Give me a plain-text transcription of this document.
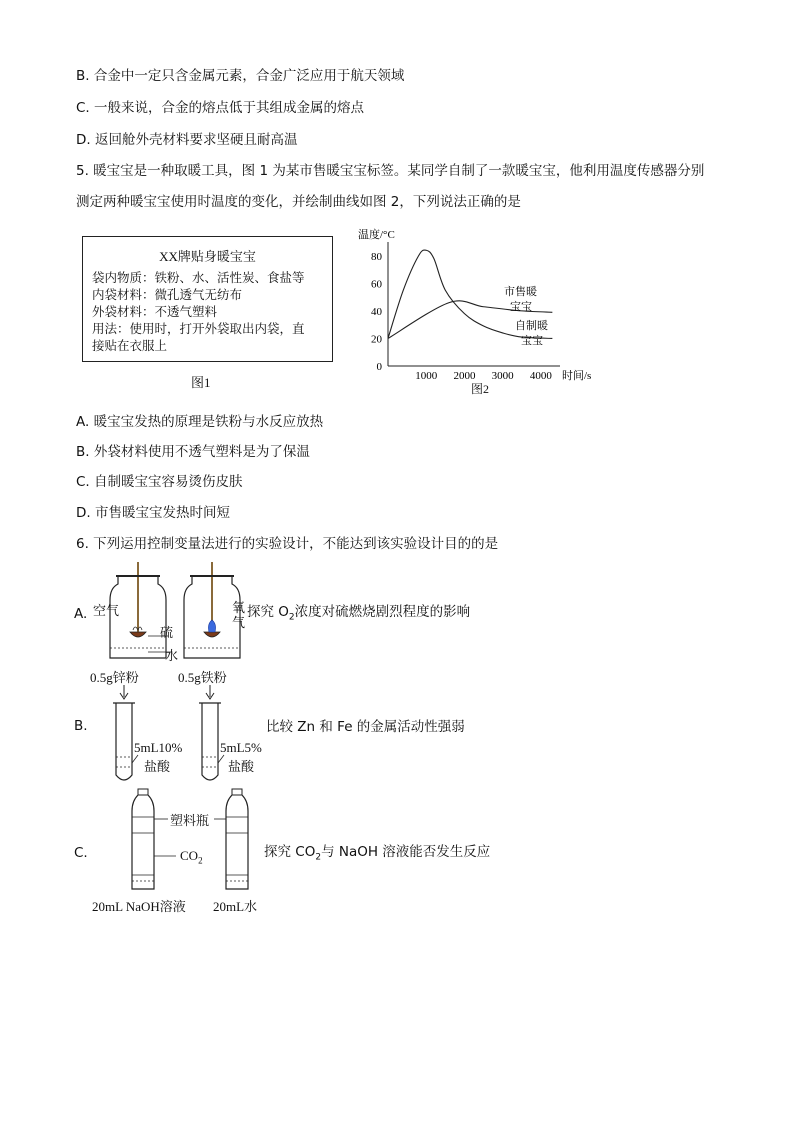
B. 合金中一定只含金属元素，合金广泛应用于航天领域
C. 一般来说，合金的熔点低于其组成金属的熔点
D. 返回舱外壳材料要求坚硬且耐高温
5. 暖宝宝是一种取暖工具，图 1 为某市售暖宝宝标签。某同学自制了一款暖宝宝，他利用温度传感器分别
测定两种暖宝宝使用时温度的变化，并绘制曲线如图 2，下列说法正确的是
XX牌贴身暖宝宝
袋内物质：铁粉、水、活性炭、食盐等
内袋材料：微孔透气无纺布
外袋材料：不透气塑料
用法：使用时，打开外袋取出内袋，直
接贴在衣服上
图1
温度/°C
时间/s
0
20
40
60
80
1000 2000 3000 4000
市售暖
宝宝
自制暖
宝宝
图2
A. 暖宝宝发热的原理是铁粉与水反应放热
B. 外袋材料使用不透气塑料是为了保温
C. 自制暖宝宝容易烫伤皮肤
D. 市售暖宝宝发热时间短
6. 下列运用控制变量法进行的实验设计，不能达到该实验设计目的的是
A. 空气
硫
水
氧气
探究 $O_2$浓度对硫燃烧剧烈程度的影响
0.5g锌粉	0.5g铁粉
B.
5mL10%
盐酸
5mL5%
盐酸
比较 Zn 和 Fe 的金属活动性强弱
C.
塑料瓶
$CO_2$
20mL NaOH溶液 20mL水
探究 $CO_2$与 NaOH 溶液能否发生反应
